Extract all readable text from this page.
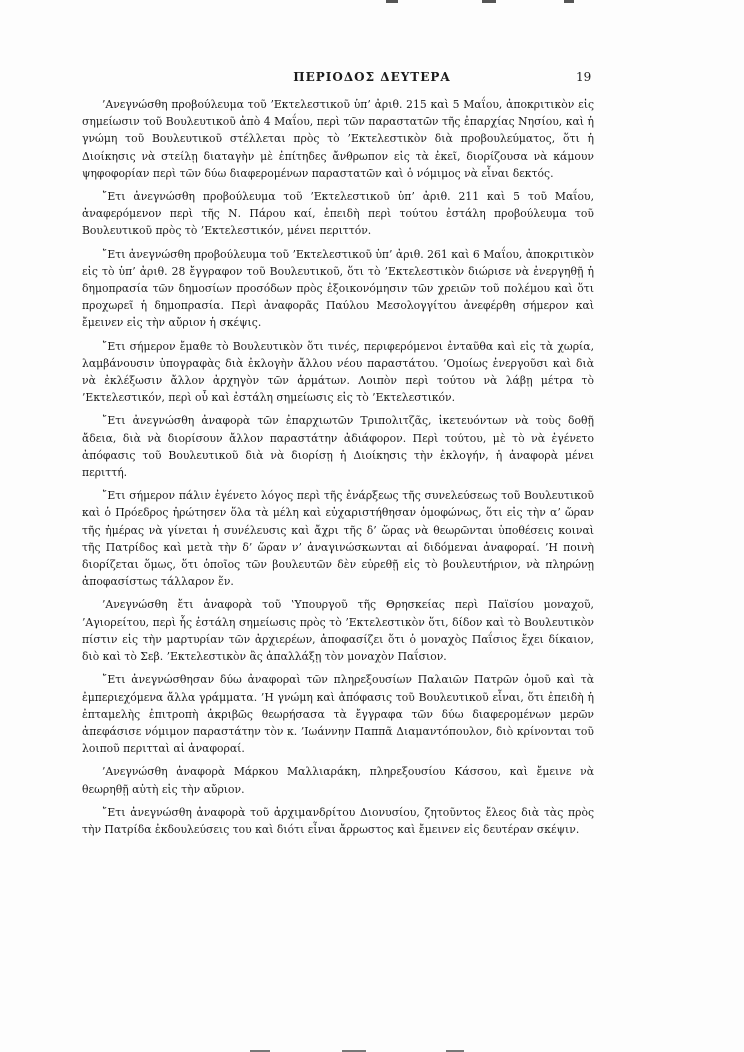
ΠΕΡΙΟΔΟΣ ΔΕΥΤΕΡΑ	19

’Ανεγνώσθη προβούλευμα τοῦ ’Εκτελεστικοῦ ὑπ’ ἀριθ. 215 καὶ 5 Μαΐου, ἀποκριτικὸν εἰς σημείωσιν τοῦ Βουλευτικοῦ ἀπὸ 4 Μαΐου, περὶ τῶν παραστατῶν τῆς ἐπαρχίας Νησίου, καὶ ἡ γνώμη τοῦ Βουλευτικοῦ στέλλεται πρὸς τὸ ’Εκτελεστικὸν διὰ προβουλεύματος, ὅτι ἡ Διοίκησις νὰ στείλῃ διαταγὴν μὲ ἐπίτηδες ἄνθρωπον εἰς τὰ ἐκεῖ, διορίζουσα νὰ κάμουν ψηφοφορίαν περὶ τῶν δύω διαφερομένων παραστατῶν καὶ ὁ νόμιμος νὰ εἶναι δεκτός.

῎Ετι ἀνεγνώσθη προβούλευμα τοῦ ’Εκτελεστικοῦ ὑπ’ ἀριθ. 211 καὶ 5 τοῦ Μαΐου, ἀναφερόμενον περὶ τῆς Ν. Πάρου καί, ἐπειδὴ περὶ τούτου ἐστάλη προβούλευμα τοῦ Βουλευτικοῦ πρὸς τὸ ’Εκτελεστικόν, μένει περιττόν.

῎Ετι ἀνεγνώσθη προβούλευμα τοῦ ’Εκτελεστικοῦ ὑπ’ ἀριθ. 261 καὶ 6 Μαΐου, ἀποκριτικὸν εἰς τὸ ὑπ’ ἀριθ. 28 ἔγγραφον τοῦ Βουλευτικοῦ, ὅτι τὸ ’Εκτελεστικὸν διώρισε νὰ ἐνεργηθῇ ἡ δημοπρασία τῶν δημοσίων προσόδων πρὸς ἐξοικονόμησιν τῶν χρειῶν τοῦ πολέμου καὶ ὅτι προχωρεῖ ἡ δημοπρασία. Περὶ ἀναφορᾶς Παύλου Μεσολογγίτου ἀνεφέρθη σήμερον καὶ ἔμεινεν εἰς τὴν αὔριον ἡ σκέψις.

῎Ετι σήμερον ἔμαθε τὸ Βουλευτικὸν ὅτι τινές, περιφερόμενοι ἐνταῦθα καὶ εἰς τὰ χωρία, λαμβάνουσιν ὑπογραφὰς διὰ ἐκλογὴν ἄλλου νέου παραστάτου. ’Ομοίως ἐνεργοῦσι καὶ διὰ νὰ ἐκλέξωσιν ἄλλον ἀρχηγὸν τῶν ἁρμάτων. Λοιπὸν περὶ τούτου νὰ λάβῃ μέτρα τὸ ’Εκτελεστικόν, περὶ οὗ καὶ ἐστάλη σημείωσις εἰς τὸ ’Εκτελεστικόν.

῎Ετι ἀνεγνώσθη ἀναφορὰ τῶν ἐπαρχιωτῶν Τριπολιτζᾶς, ἱκετευόντων νὰ τοὺς δοθῇ ἄδεια, διὰ νὰ διορίσουν ἄλλον παραστάτην ἀδιάφορον. Περὶ τούτου, μὲ τὸ νὰ ἐγένετο ἀπόφασις τοῦ Βουλευτικοῦ διὰ νὰ διορίσῃ ἡ Διοίκησις τὴν ἐκλογήν, ἡ ἀναφορὰ μένει περιττή.

῎Ετι σήμερον πάλιν ἐγένετο λόγος περὶ τῆς ἐνάρξεως τῆς συνελεύσεως τοῦ Βουλευτικοῦ καὶ ὁ Πρόεδρος ἠρώτησεν ὅλα τὰ μέλη καὶ εὐχαριστήθησαν ὁμοφώνως, ὅτι εἰς τὴν α’ ὥραν τῆς ἡμέρας νὰ γίνεται ἡ συνέλευσις καὶ ἄχρι τῆς δ’ ὥρας νὰ θεωρῶνται ὑποθέσεις κοιναὶ τῆς Πατρίδος καὶ μετὰ τὴν δ’ ὥραν ν’ ἀναγινώσκωνται αἱ διδόμεναι ἀναφοραί. ’Η ποινὴ διορίζεται ὅμως, ὅτι ὁποῖος τῶν βουλευτῶν δὲν εὑρεθῇ εἰς τὸ βουλευτήριον, νὰ πληρώνῃ ἀποφασίστως τάλλαρον ἕν.

’Ανεγνώσθη ἔτι ἀναφορὰ τοῦ ‛Υπουργοῦ τῆς Θρησκείας περὶ Παϊσίου μοναχοῦ, ’Αγιορείτου, περὶ ἧς ἐστάλη σημείωσις πρὸς τὸ ’Εκτελεστικὸν ὅτι, δίδον καὶ τὸ Βουλευτικὸν πίστιν εἰς τὴν μαρτυρίαν τῶν ἀρχιερέων, ἀποφασίζει ὅτι ὁ μοναχὸς Παΐσιος ἔχει δίκαιον, διὸ καὶ τὸ Σεβ. ’Εκτελεστικὸν ἂς ἀπαλλάξῃ τὸν μοναχὸν Παΐσιον.

῎Ετι ἀνεγνώσθησαν δύω ἀναφοραὶ τῶν πληρεξουσίων Παλαιῶν Πατρῶν ὁμοῦ καὶ τὰ ἐμπεριεχόμενα ἄλλα γράμματα. ’Η γνώμη καὶ ἀπόφασις τοῦ Βουλευτικοῦ εἶναι, ὅτι ἐπειδὴ ἡ ἐπταμελὴς ἐπιτροπὴ ἀκριβῶς θεωρήσασα τὰ ἔγγραφα τῶν δύω διαφερομένων μερῶν ἀπεφάσισε νόμιμον παραστάτην τὸν κ. ’Ιωάννην Παππᾶ Διαμαντόπουλον, διὸ κρίνονται τοῦ λοιποῦ περιτταὶ αἱ ἀναφοραί.

’Ανεγνώσθη ἀναφορὰ Μάρκου Μαλλιαράκη, πληρεξουσίου Κάσσου, καὶ ἔμεινε νὰ θεωρηθῇ αὐτὴ εἰς τὴν αὔριον.

῎Ετι ἀνεγνώσθη ἀναφορὰ τοῦ ἀρχιμανδρίτου Διονυσίου, ζητοῦντος ἔλεος διὰ τὰς πρὸς τὴν Πατρίδα ἐκδουλεύσεις του καὶ διότι εἶναι ἄρρωστος καὶ ἔμεινεν εἰς δευτέραν σκέψιν.
